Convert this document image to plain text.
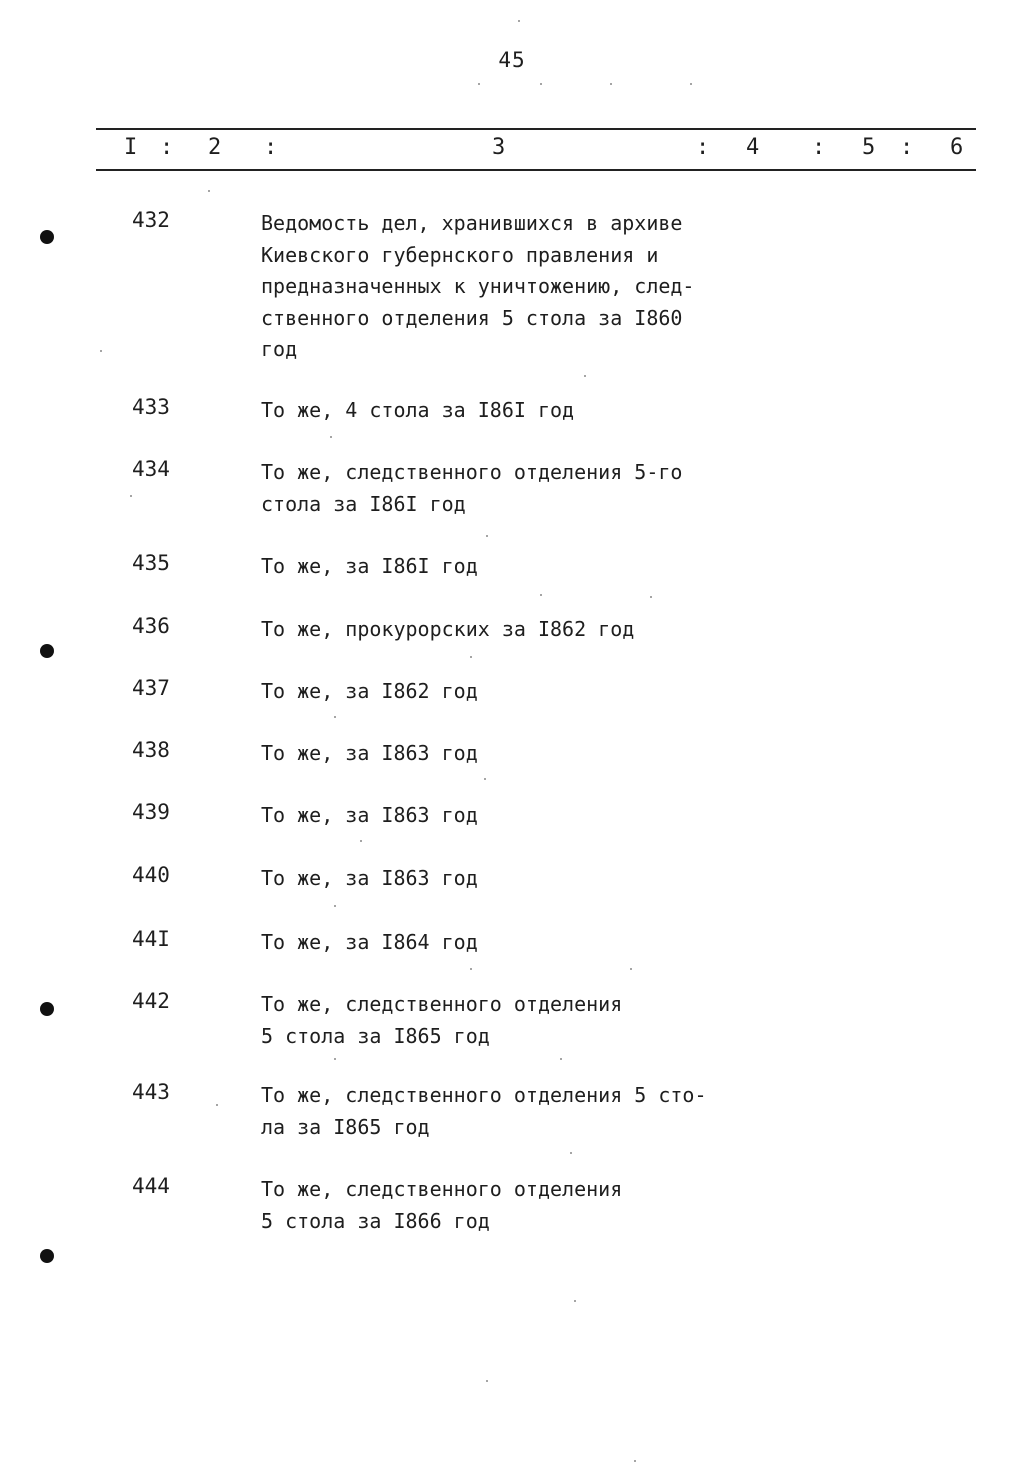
45
I : 2 :	3	: 4 : 5 : 6
432	Ведомость дел, хранившихся в архиве
Киевского губернского правления и
предназначенных к уничтожению, след-
ственного отделения 5 стола за I860
год
433	То же, 4 стола за I86I год
434	То же, следственного отделения 5-го
стола за I86I год
435	То же, за I86I год
436	То же, прокурорских за I862 год
437	То же, за I862 год
438	То же, за I863 год
439	То же, за I863 год
440	То же, за I863 год
44I	То же, за I864 год
442	То же, следственного отделения
5 стола за I865 год
443	То же, следственного отделения 5 сто-
ла за I865 год
444	То же, следственного отделения
5 стола за I866 год
